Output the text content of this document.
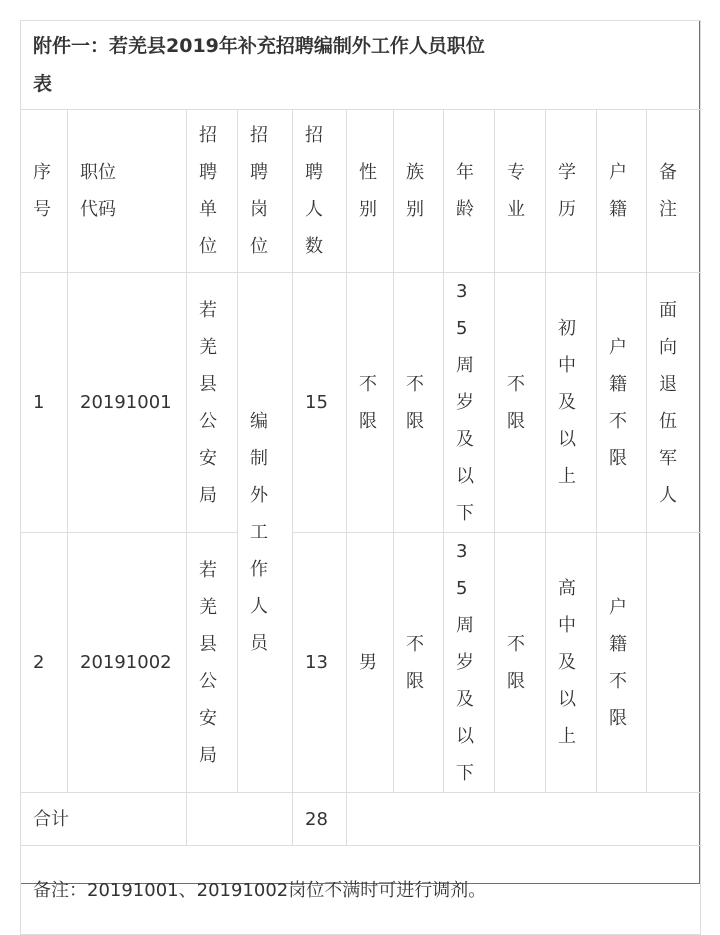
附件一：若羌县2019年补充招聘编制外工作人员职位表											

序号	职位代码	招聘单位	招聘岗位	招聘人数	性别	族别	年龄	专业	学历	户籍	备注

1	20191001	若羌县公安局	编制外工作人员	15	不限	不限	35周岁及以下	不限	初中及以上	户籍不限	面向退伍军人

2	20191002	若羌县公安局		13	男	不限	35周岁及以下	不限	高中及以上	户籍不限	

合计				28							

备注：20191001、20191002岗位不满时可进行调剂。											
